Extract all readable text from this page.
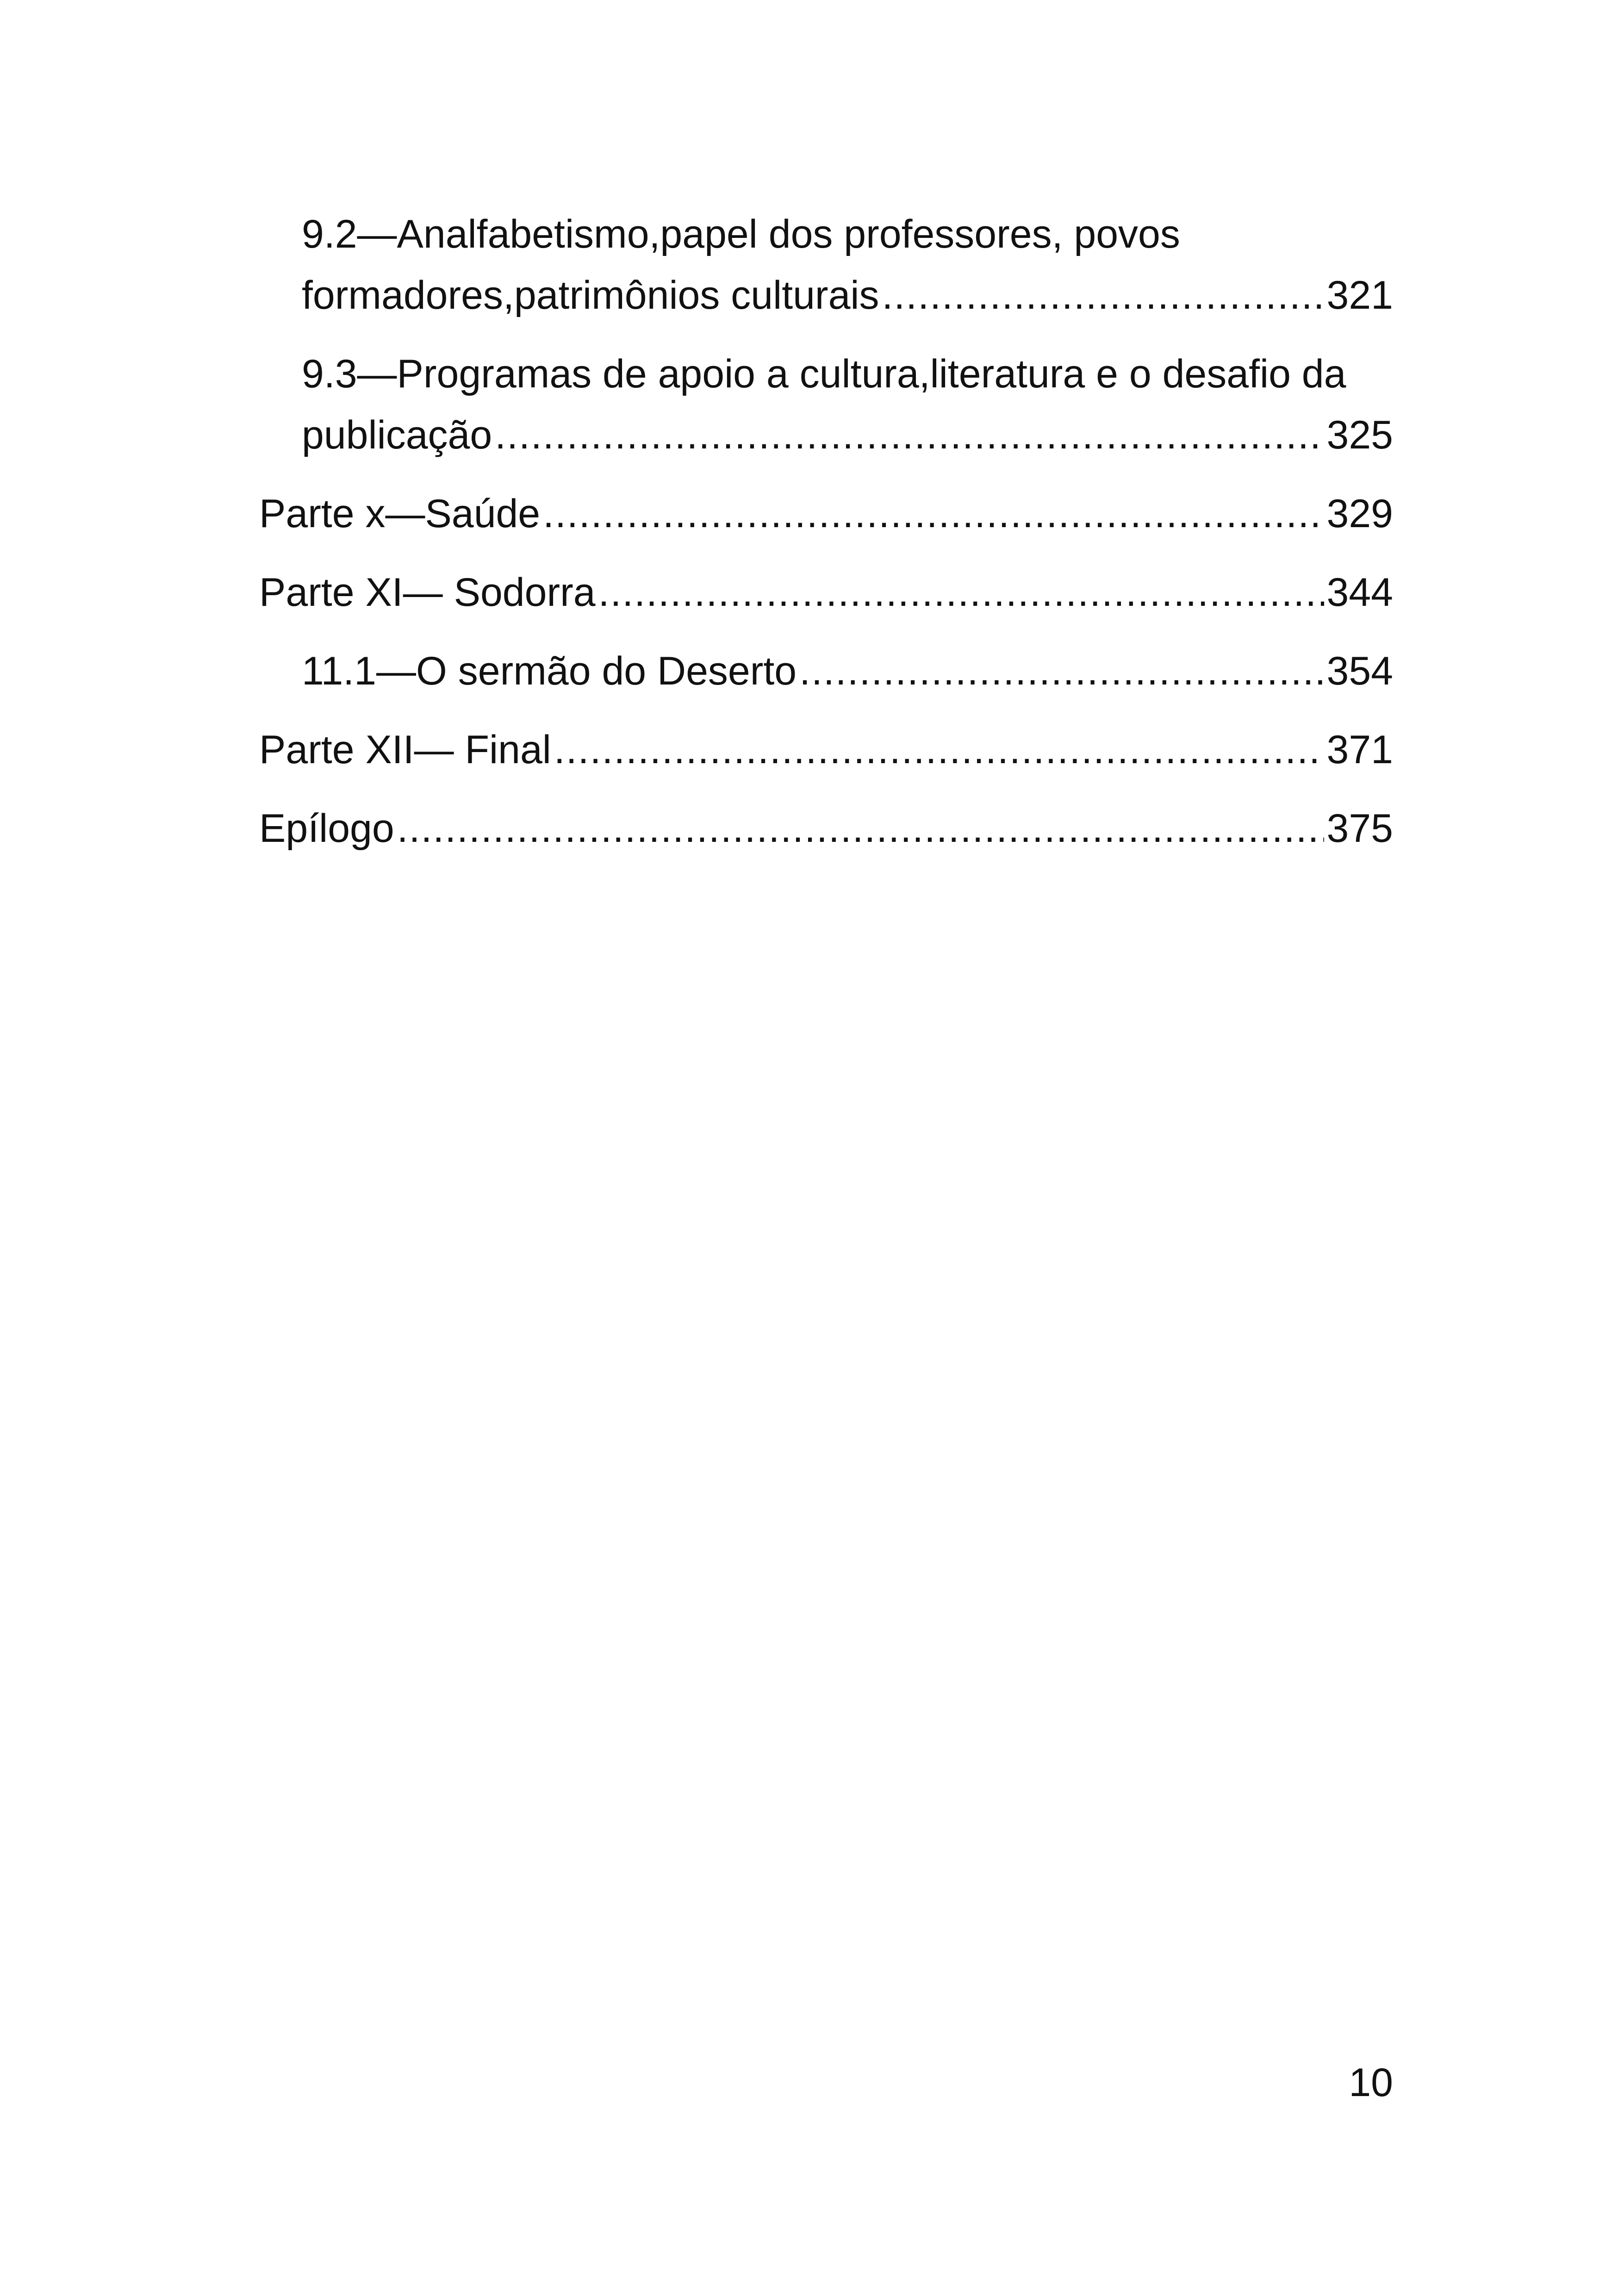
9.2—Analfabetismo,papel dos professores, povos
formadores,patrimônios culturais .....	321
9.3—Programas de apoio a cultura,literatura e o desafio da
publicação .....	325
Parte x—Saúde .....	329
Parte XI— Sodorra .....	344
11.1—O sermão do Deserto .....	354
Parte XII— Final .....	371
Epílogo .....	375
10
